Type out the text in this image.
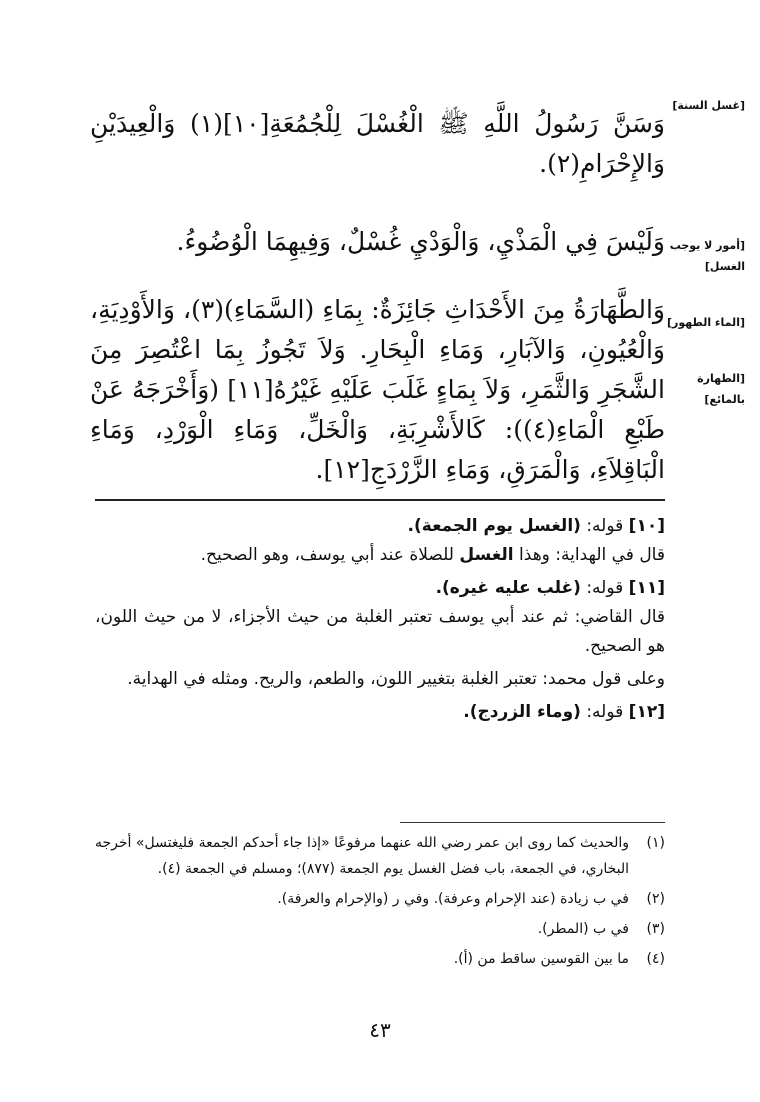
[غسل السنة]
[أمور لا يوجب الغسل]
[الماء الطهور]
[الطهارة بالمائع]

وَسَنَّ رَسُولُ اللَّهِ ﷺ الْغُسْلَ لِلْجُمُعَةِ[١٠](١) وَالْعِيدَيْنِ وَالإِحْرَامِ(٢).

وَلَيْسَ فِي الْمَذْيِ، وَالْوَدْيِ غُسْلٌ، وَفِيهِمَا الْوُضُوءُ.

وَالطَّهَارَةُ مِنَ الأَحْدَاثِ جَائِزَةٌ: بِمَاءِ (السَّمَاءِ)(٣)، وَالأَوْدِيَةِ، وَالْعُيُونِ، وَالآبَارِ، وَمَاءِ الْبِحَارِ. وَلاَ تَجُوزُ بِمَا اعْتُصِرَ مِنَ الشَّجَرِ وَالثَّمَرِ، وَلاَ بِمَاءٍ غَلَبَ عَلَيْهِ غَيْرُهُ[١١] (وَأَخْرَجَهُ عَنْ طَبْعِ الْمَاءِ(٤)): كَالأَشْرِبَةِ، وَالْخَلِّ، وَمَاءِ الْوَرْدِ، وَمَاءِ الْبَاقِلاَءِ، وَالْمَرَقِ، وَمَاءِ الزَّرْدَجِ[١٢].

[١٠] قوله: (الغسل يوم الجمعة).

قال في الهداية: وهذا الغسل للصلاة عند أبي يوسف، وهو الصحيح.

[١١] قوله: (غلب عليه غيره).

قال القاضي: ثم عند أبي يوسف تعتبر الغلبة من حيث الأجزاء، لا من حيث اللون، هو الصحيح.

وعلى قول محمد: تعتبر الغلبة بتغيير اللون، والطعم، والريح. ومثله في الهداية.

[١٢] قوله: (وماء الزردج).

(١)
والحديث كما روى ابن عمر رضي الله عنهما مرفوعًا «إذا جاء أحدكم الجمعة فليغتسل» أخرجه البخاري، في الجمعة، باب فضل الغسل يوم الجمعة (٨٧٧)؛ ومسلم في الجمعة (٤).
(٢)
في ب زيادة (عند الإحرام وعرفة). وفي ر (والإحرام والعرفة).
(٣)
في ب (المطر).
(٤)
ما بين القوسين ساقط من (أ).
٤٣
